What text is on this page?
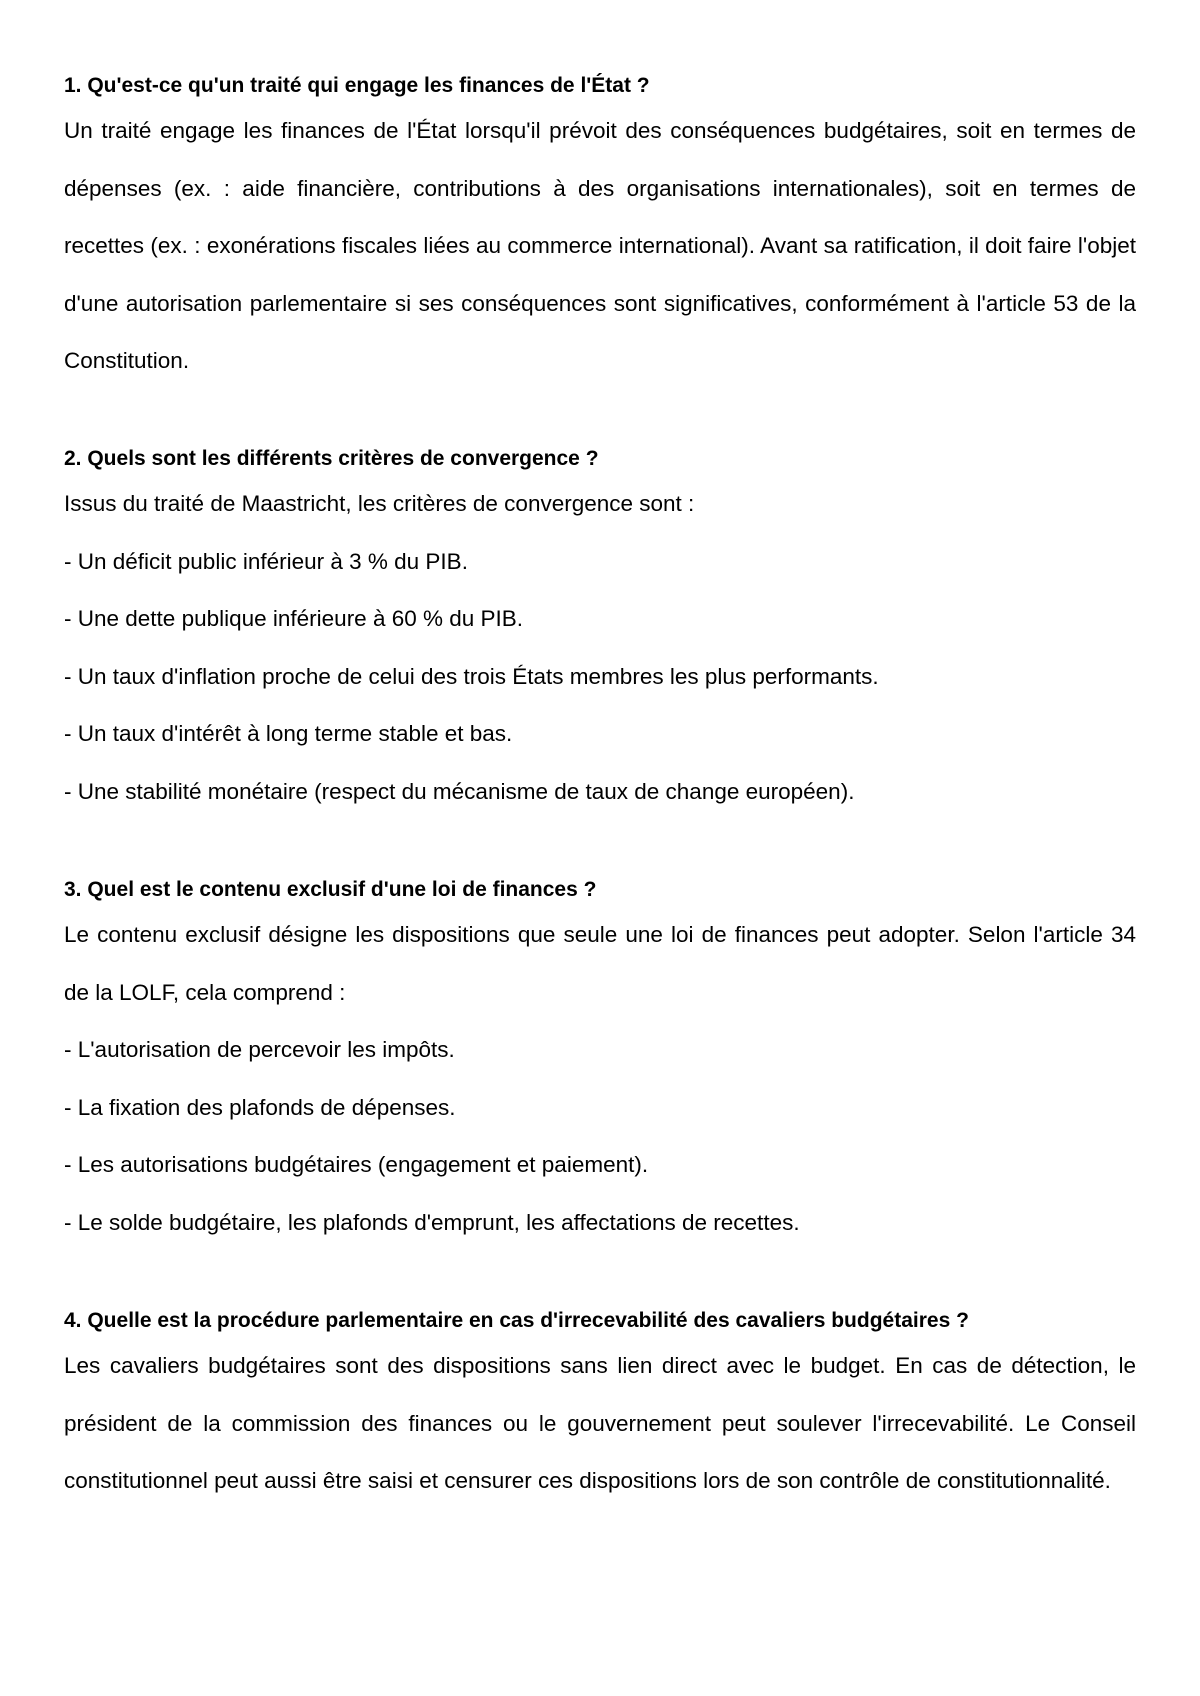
1. Qu'est-ce qu'un traité qui engage les finances de l'État ?

Un traité engage les finances de l'État lorsqu'il prévoit des conséquences budgétaires, soit en termes de dépenses (ex. : aide financière, contributions à des organisations internationales), soit en termes de recettes (ex. : exonérations fiscales liées au commerce international). Avant sa ratification, il doit faire l'objet d'une autorisation parlementaire si ses conséquences sont significatives, conformément à l'article 53 de la Constitution.

2. Quels sont les différents critères de convergence ?

Issus du traité de Maastricht, les critères de convergence sont :

- Un déficit public inférieur à 3 % du PIB.

- Une dette publique inférieure à 60 % du PIB.

- Un taux d'inflation proche de celui des trois États membres les plus performants.

- Un taux d'intérêt à long terme stable et bas.

- Une stabilité monétaire (respect du mécanisme de taux de change européen).

3. Quel est le contenu exclusif d'une loi de finances ?

Le contenu exclusif désigne les dispositions que seule une loi de finances peut adopter. Selon l'article 34 de la LOLF, cela comprend :

- L'autorisation de percevoir les impôts.

- La fixation des plafonds de dépenses.

- Les autorisations budgétaires (engagement et paiement).

- Le solde budgétaire, les plafonds d'emprunt, les affectations de recettes.

4. Quelle est la procédure parlementaire en cas d'irrecevabilité des cavaliers budgétaires ?

Les cavaliers budgétaires sont des dispositions sans lien direct avec le budget. En cas de détection, le président de la commission des finances ou le gouvernement peut soulever l'irrecevabilité. Le Conseil constitutionnel peut aussi être saisi et censurer ces dispositions lors de son contrôle de constitutionnalité.
